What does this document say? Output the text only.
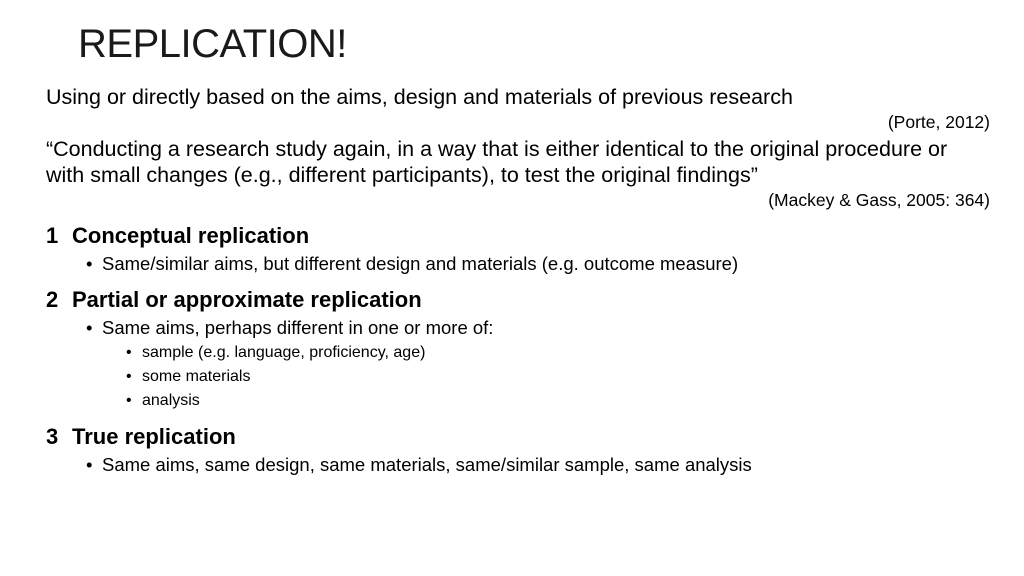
REPLICATION!

Using or directly based on the aims, design and materials of previous research

(Porte, 2012)

“Conducting a research study again, in a way that is either identical to the original procedure or with small changes (e.g., different participants), to test the original findings”

(Mackey & Gass, 2005: 364)

1 Conceptual replication

• Same/similar aims, but different design and materials (e.g. outcome measure)

2 Partial or approximate replication

• Same aims, perhaps different in one or more of:

• sample (e.g. language, proficiency, age)

• some materials

• analysis

3 True replication

• Same aims, same design, same materials, same/similar sample, same analysis
